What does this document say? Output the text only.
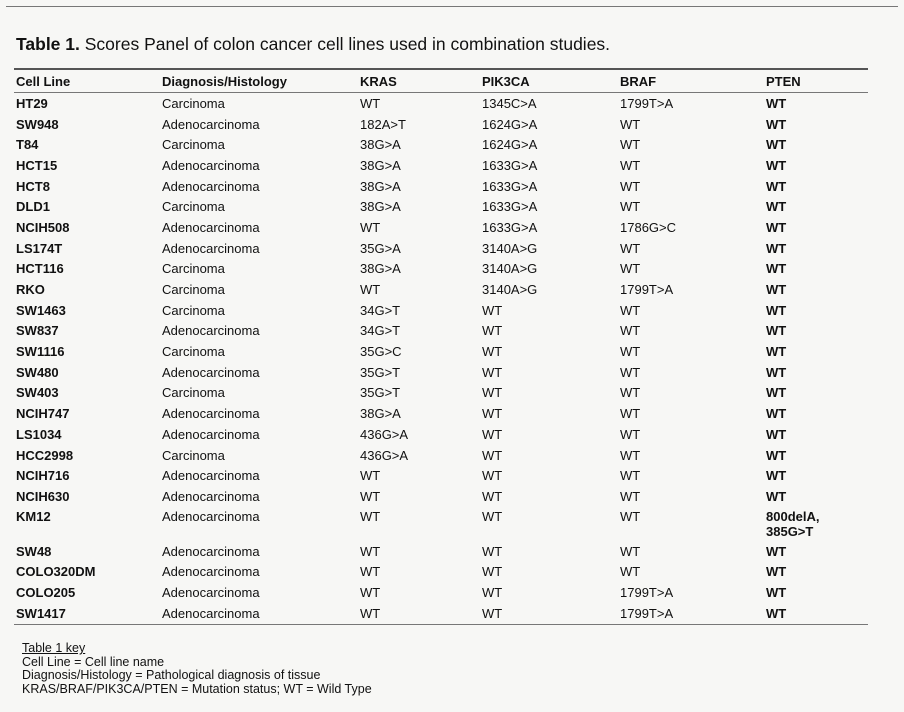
Table 1. Scores Panel of colon cancer cell lines used in combination studies.
Cell Line	Diagnosis/Histology	KRAS	PIK3CA	BRAF	PTEN
HT29	Carcinoma	WT	1345C>A	1799T>A	WT
SW948	Adenocarcinoma	182A>T	1624G>A	WT	WT
T84	Carcinoma	38G>A	1624G>A	WT	WT
HCT15	Adenocarcinoma	38G>A	1633G>A	WT	WT
HCT8	Adenocarcinoma	38G>A	1633G>A	WT	WT
DLD1	Carcinoma	38G>A	1633G>A	WT	WT
NCIH508	Adenocarcinoma	WT	1633G>A	1786G>C	WT
LS174T	Adenocarcinoma	35G>A	3140A>G	WT	WT
HCT116	Carcinoma	38G>A	3140A>G	WT	WT
RKO	Carcinoma	WT	3140A>G	1799T>A	WT
SW1463	Carcinoma	34G>T	WT	WT	WT
SW837	Adenocarcinoma	34G>T	WT	WT	WT
SW1116	Carcinoma	35G>C	WT	WT	WT
SW480	Adenocarcinoma	35G>T	WT	WT	WT
SW403	Carcinoma	35G>T	WT	WT	WT
NCIH747	Adenocarcinoma	38G>A	WT	WT	WT
LS1034	Adenocarcinoma	436G>A	WT	WT	WT
HCC2998	Carcinoma	436G>A	WT	WT	WT
NCIH716	Adenocarcinoma	WT	WT	WT	WT
NCIH630	Adenocarcinoma	WT	WT	WT	WT
KM12	Adenocarcinoma	WT	WT	WT	800delA, 385G>T
SW48	Adenocarcinoma	WT	WT	WT	WT
COLO320DM	Adenocarcinoma	WT	WT	WT	WT
COLO205	Adenocarcinoma	WT	WT	1799T>A	WT
SW1417	Adenocarcinoma	WT	WT	1799T>A	WT
Table 1 key
Cell Line = Cell line name
Diagnosis/Histology = Pathological diagnosis of tissue
KRAS/BRAF/PIK3CA/PTEN = Mutation status; WT = Wild Type
